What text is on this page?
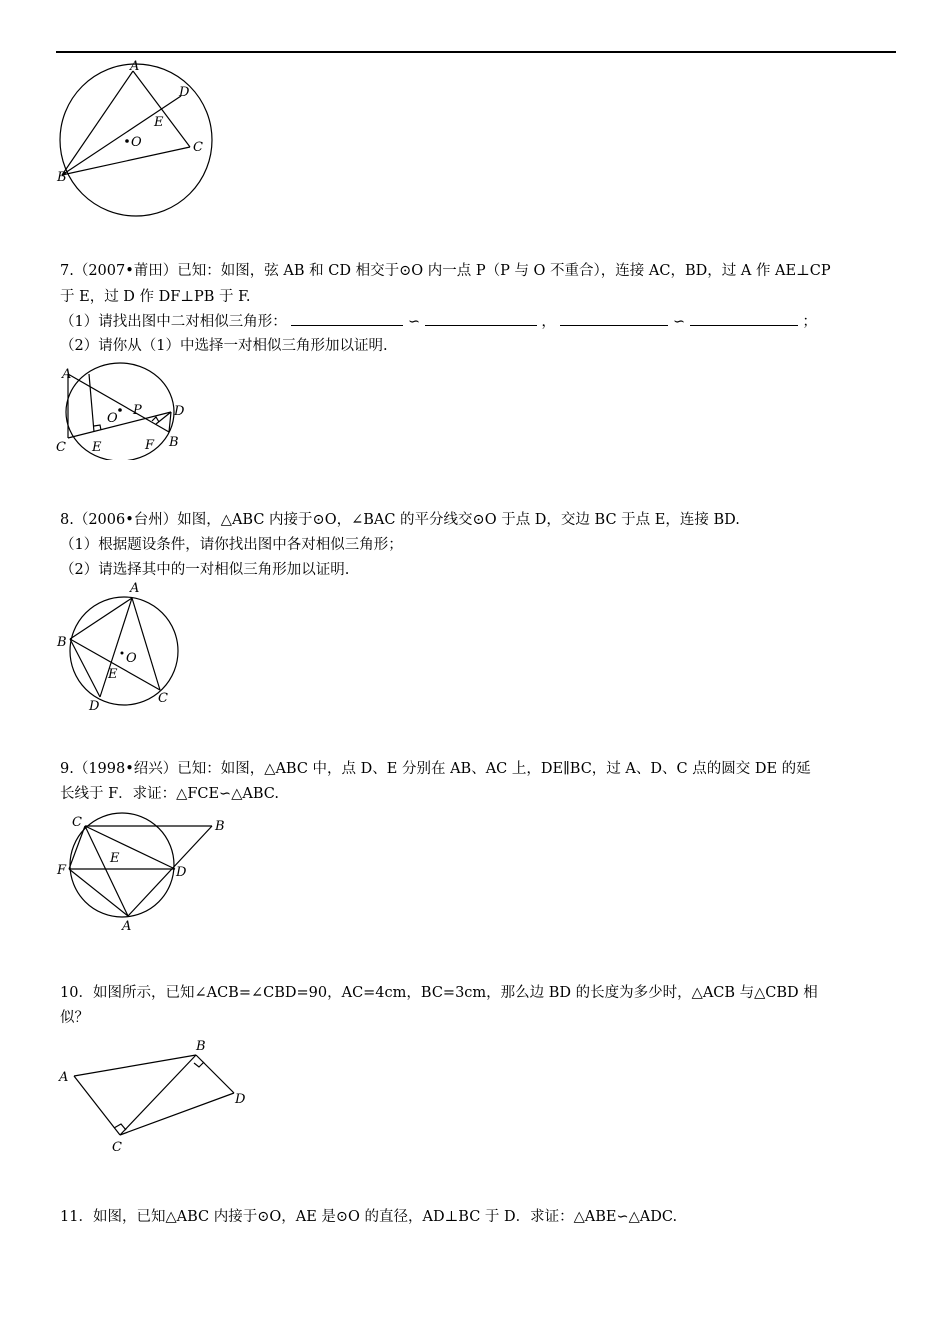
A
D
E
O	C
B
7.（2007•莆田）已知：如图，弦 AB 和 CD 相交于⊙O 内一点 P（P 与 O 不重合），连接 AC，BD，过 A 作 AE⊥CP
于 E，过 D 作 DF⊥PB 于 F.
（1）请找出图中二对相似三角形：	∽	，	∽	；
（2）请你从（1）中选择一对相似三角形加以证明.
A
O
P D
C E	F B
8.（2006•台州）如图，△ABC 内接于⊙O，∠BAC 的平分线交⊙O 于点 D，交边 BC 于点 E，连接 BD.
（1）根据题设条件，请你找出图中各对相似三角形；
（2）请选择其中的一对相似三角形加以证明.
A
B
O
E
C
D
9.（1998•绍兴）已知：如图，△ABC 中，点 D、E 分别在 AB、AC 上，DE∥BC，过 A、D、C 点的圆交 DE 的延
长线于 F．求证：△FCE∽△ABC.
C	B
E
F	D
A
10．如图所示，已知∠ACB=∠CBD=90，AC=4cm，BC=3cm，那么边 BD 的长度为多少时，△ACB 与△CBD 相
似？
A
B
D
C
11．如图，已知△ABC 内接于⊙O，AE 是⊙O 的直径，AD⊥BC 于 D．求证：△ABE∽△ADC.
